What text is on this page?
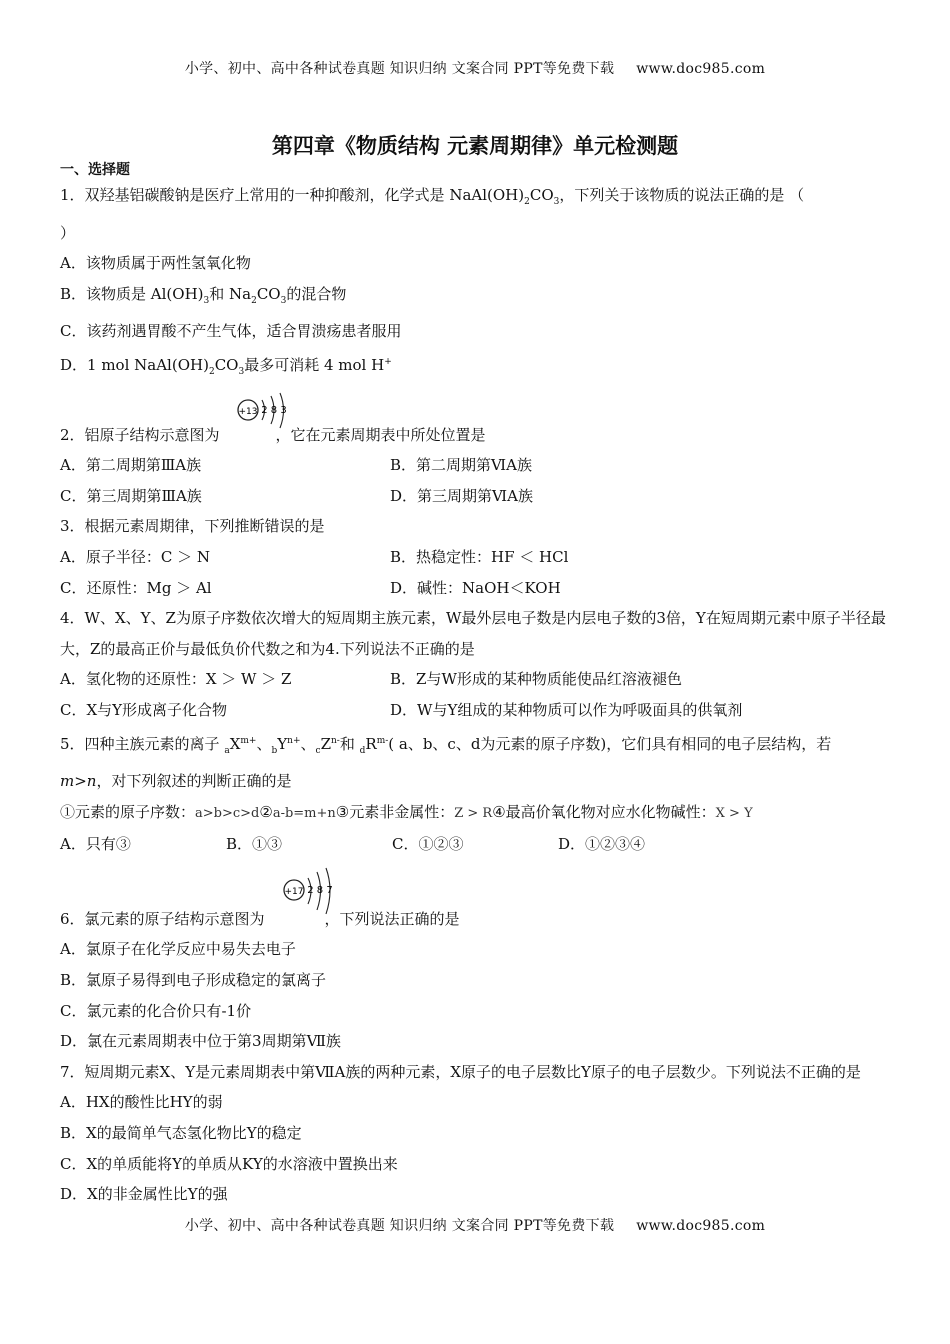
小学、初中、高中各种试卷真题 知识归纳 文案合同 PPT等免费下载 www.doc985.com
第四章《物质结构 元素周期律》单元检测题

一、选择题

1．双羟基铝碳酸钠是医疗上常用的一种抑酸剂，化学式是 $NaAl(OH)_2CO_3$，下列关于该物质的说法正确的是 （

）

A．该物质属于两性氢氧化物

B．该物质是 $Al(OH)_3$和 $Na_2CO_3$的混合物

C．该药剂遇胃酸不产生气体，适合胃溃疡患者服用

D．1 mol $NaAl(OH)_2CO_3$最多可消耗 4 mol H+

2．铝原子结构示意图为	，它在元素周期表中所处位置是
+13 2 8 3

A．第二周期第ⅢA族	B．第二周期第ⅥA族
C．第三周期第ⅢA族	D．第三周期第ⅥA族

3．根据元素周期律，下列推断错误的是

A．原子半径：C ＞ N	B．热稳定性：HF ＜ HCl
C．还原性：Mg ＞ Al	D．碱性：NaOH＜KOH

4．W、X、Y、Z为原子序数依次增大的短周期主族元素，W最外层电子数是内层电子数的3倍，Y在短周期元素中原子半径最大，Z的最高正价与最低负价代数之和为4.下列说法不正确的是

A．氢化物的还原性：X ＞ W ＞ Z	B．Z与W形成的某种物质能使品红溶液褪色
C．X与Y形成离子化合物	D．W与Y组成的某种物质可以作为呼吸面具的供氧剂

5．四种主族元素的离子 $_aX^{m+}$、$_bY^{n+}$、$_cZ^{n-}$和 $_dR^{m-}$( a、b、c、d为元素的原子序数)，它们具有相同的电子层结构，若

m>n，对下列叙述的判断正确的是

①元素的原子序数：a>b>c>d②a-b=m+n③元素非金属性：Z > R④最高价氧化物对应水化物碱性：X > Y

A．只有③	B．①③	C．①②③	D．①②③④

6．氯元素的原子结构示意图为	，下列说法正确的是
+17 2 8 7

A．氯原子在化学反应中易失去电子

B．氯原子易得到电子形成稳定的氯离子

C．氯元素的化合价只有-1价

D．氯在元素周期表中位于第3周期第Ⅶ族

7．短周期元素X、Y是元素周期表中第ⅦA族的两种元素，X原子的电子层数比Y原子的电子层数少。下列说法不正确的是

A．HX的酸性比HY的弱

B．X的最简单气态氢化物比Y的稳定

C．X的单质能将Y的单质从KY的水溶液中置换出来

D．X的非金属性比Y的强

小学、初中、高中各种试卷真题 知识归纳 文案合同 PPT等免费下载 www.doc985.com
